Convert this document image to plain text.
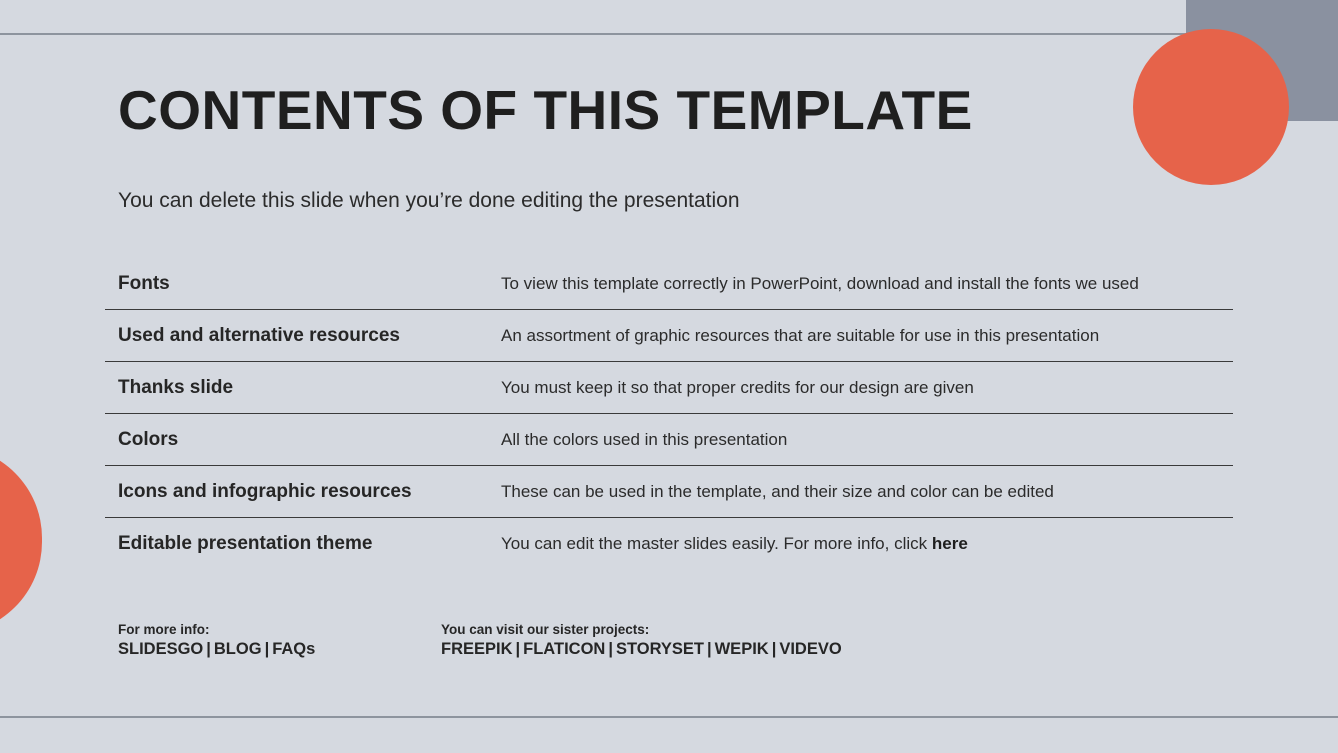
CONTENTS OF THIS TEMPLATE
You can delete this slide when you’re done editing the presentation
Fonts	To view this template correctly in PowerPoint, download and install the fonts we used
Used and alternative resources	An assortment of graphic resources that are suitable for use in this presentation
Thanks slide	You must keep it so that proper credits for our design are given
Colors	All the colors used in this presentation
Icons and infographic resources	These can be used in the template, and their size and color can be edited
Editable presentation theme	You can edit the master slides easily. For more info, click here
For more info:
SLIDESGO | BLOG | FAQs
You can visit our sister projects:
FREEPIK | FLATICON | STORYSET | WEPIK | VIDEVO
